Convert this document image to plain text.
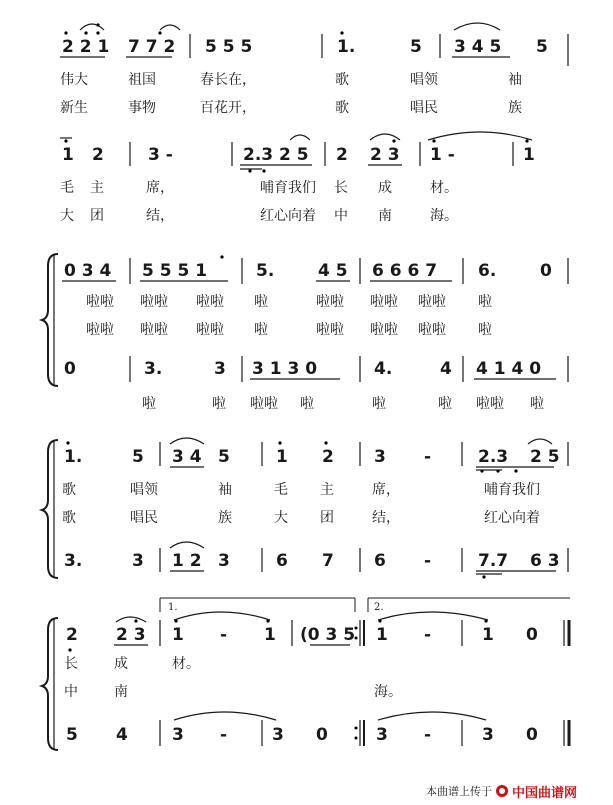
2 2 1 7 7 2 5 5 5	1.	5 3 4 5 5
伟大	祖国	春长在，	歌	唱领	袖
新生	事物	百花开，	歌	唱民	族
1 2	3 -	2.3 2 5 2 2 3 1 -	1
毛 主	席，	哺育我们 长 成	材。
大 团	结，	红心向着 中 南	海。
0 3 4 5 5 5 1	5.	4 5 6 6 6 7 6.	0
啦啦 啦啦 啦啦 啦	啦啦 啦啦 啦啦 啦
啦啦 啦啦 啦啦 啦	啦啦 啦啦 啦啦 啦
0	3.	3 3 1 3 0	4.	4 4 1 4 0
啦	啦 啦啦 啦	啦	啦 啦啦 啦
1.	5 3 4 5	1 2 3 -	2.3 2 5
歌	唱领	袖	毛 主	席，	哺育我们
歌	唱民	族	大 团	结，	红心向着
3.	3 1 2 3	6 7 6 -	7.7 6 3
1.	2.
2 2 3 1 - 1 (0 3 5 1 -	1 0
长	成	材。
中	南	海。
5 4	3 -	3 0	3 -	3 0
本曲谱上传于 中国曲谱网
